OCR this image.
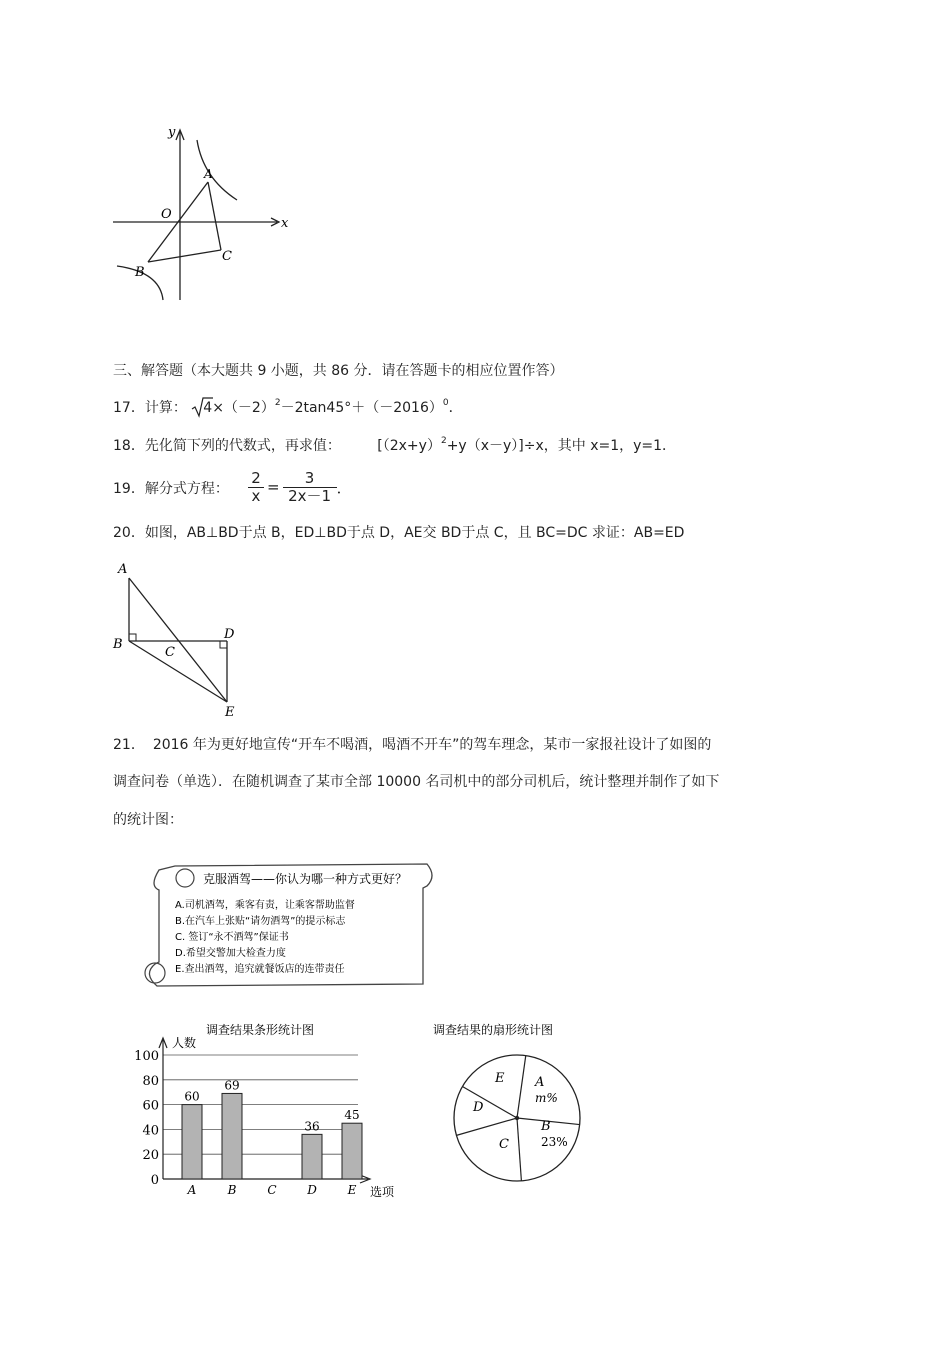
y
x
O
A
B
C
三、解答题（本大题共 9 小题，共 86 分．请在答题卡的相应位置作答）
17．计算： $4\times(-2)^2-2\tan 45^\circ+(-2016)^0$．
18．先化简下列的代数式，再求值：	$[(2x+y)^2+y(x-y)]\div x$，其中 x=1，y=1．
19．解分式方程：
2
x =
3
2x－1 ．
20．如图，AB⊥BD于点 B，ED⊥BD于点 D，AE交 BD于点 C，且 BC=DC 求证：AB=ED
A
B
C
D
E
21． 2016 年为更好地宣传“开车不喝酒，喝酒不开车”的驾车理念，某市一家报社设计了如图的
调查问卷（单选）．在随机调查了某市全部 10000 名司机中的部分司机后，统计整理并制作了如下
的统计图：
克服酒驾——你认为哪一种方式更好？
A.司机酒驾，乘客有责，让乘客帮助监督
B.在汽车上张贴“请勿酒驾”的提示标志
C. 签订“永不酒驾”保证书
D.希望交警加大检查力度
E.查出酒驾，追究就餐饭店的连带责任
调查结果条形统计图
人数
选项
0
20
40
60
80
100
60
A
69
B	C
36
D
45
E
调查结果的扇形统计图
A
m%
B
23%
C
D
E
